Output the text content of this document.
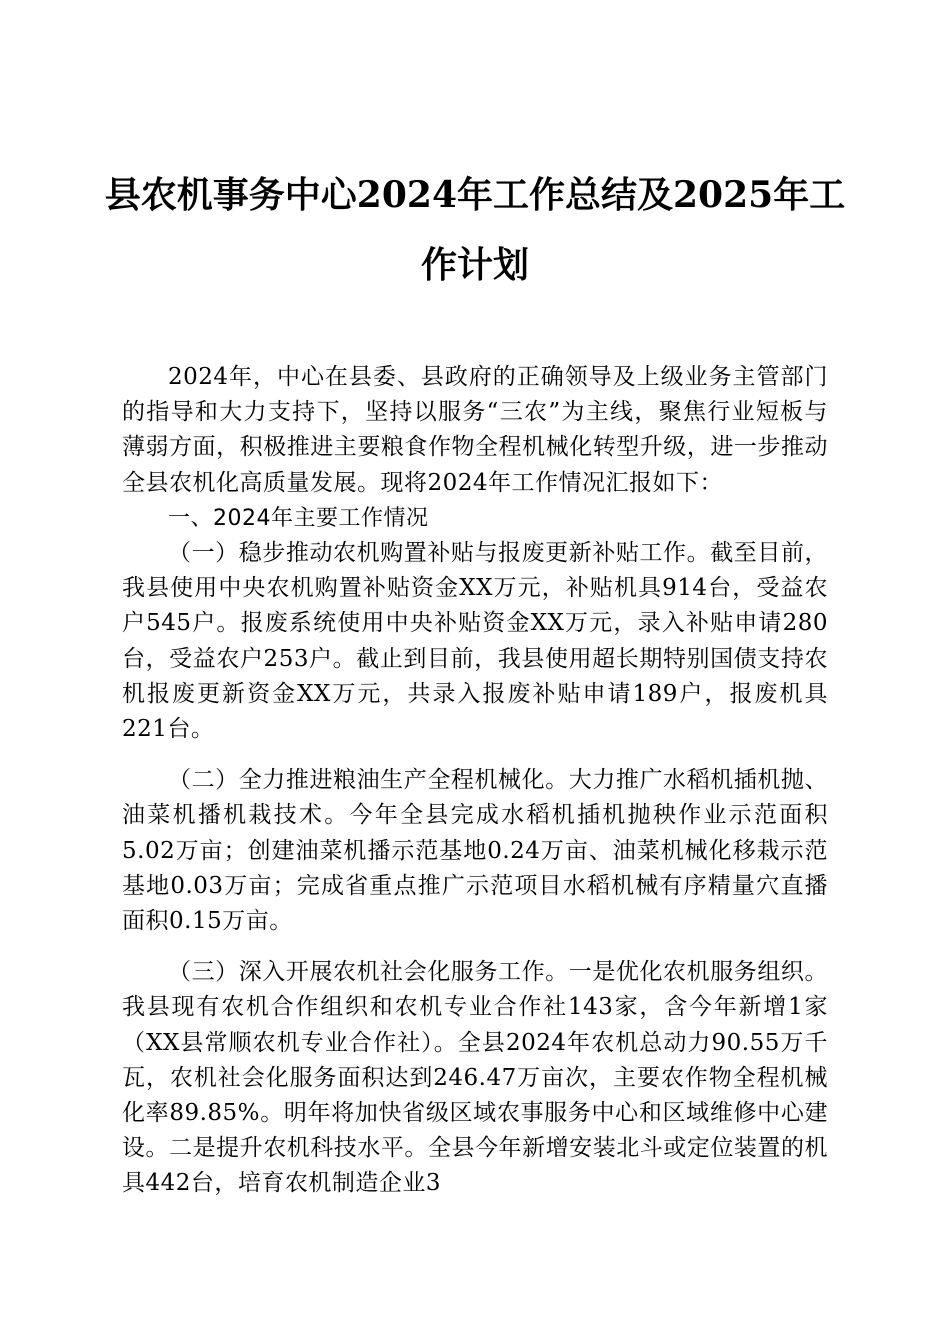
县农机事务中心2024年工作总结及2025年工
作计划

2024年，中心在县委、县政府的正确领导及上级业务主管部门的指导和大力支持下，坚持以服务“三农”为主线，聚焦行业短板与薄弱方面，积极推进主要粮食作物全程机械化转型升级，进一步推动全县农机化高质量发展。现将2024年工作情况汇报如下：

一、2024年主要工作情况

（一）稳步推动农机购置补贴与报废更新补贴工作。截至目前，我县使用中央农机购置补贴资金XX万元，补贴机具914台，受益农户545户。报废系统使用中央补贴资金XX万元，录入补贴申请280台，受益农户253户。截止到目前，我县使用超长期特别国债支持农机报废更新资金XX万元，共录入报废补贴申请189户，报废机具221台。

（二）全力推进粮油生产全程机械化。大力推广水稻机插机抛、油菜机播机栽技术。今年全县完成水稻机插机抛秧作业示范面积5.02万亩；创建油菜机播示范基地0.24万亩、油菜机械化移栽示范基地0.03万亩；完成省重点推广示范项目水稻机械有序精量穴直播面积0.15万亩。

（三）深入开展农机社会化服务工作。一是优化农机服务组织。我县现有农机合作组织和农机专业合作社143家，含今年新增1家（XX县常顺农机专业合作社）。全县2024年农机总动力90.55万千瓦，农机社会化服务面积达到246.47万亩次，主要农作物全程机械化率89.85%。明年将加快省级区域农事服务中心和区域维修中心建设。二是提升农机科技水平。全县今年新增安装北斗或定位装置的机具442台，培育农机制造企业3
